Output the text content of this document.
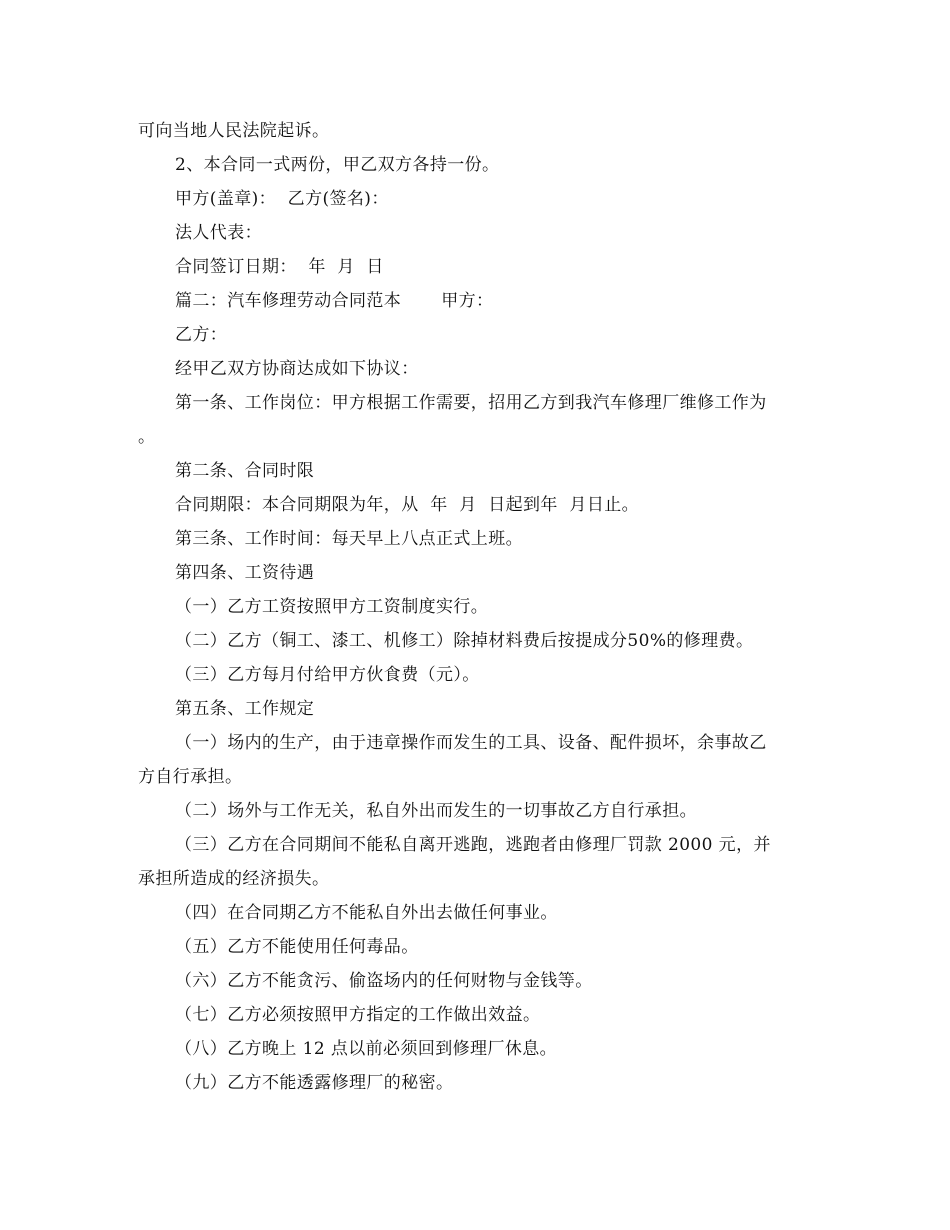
可向当地人民法院起诉。
2、本合同一式两份，甲乙双方各持一份。
甲方(盖章)：  乙方(签名)：
法人代表：
合同签订日期：  年  月  日
篇二：汽车修理劳动合同范本 甲方：
乙方：
经甲乙双方协商达成如下协议：
第一条、工作岗位：甲方根据工作需要，招用乙方到我汽车修理厂维修工作为
。
第二条、合同时限
合同期限：本合同期限为年，从  年  月  日起到年  月日止。
第三条、工作时间：每天早上八点正式上班。
第四条、工资待遇
（一）乙方工资按照甲方工资制度实行。
（二）乙方（铜工、漆工、机修工）除掉材料费后按提成分50%的修理费。
（三）乙方每月付给甲方伙食费（元）。
第五条、工作规定
（一）场内的生产，由于违章操作而发生的工具、设备、配件损坏，余事故乙
方自行承担。
（二）场外与工作无关，私自外出而发生的一切事故乙方自行承担。
（三）乙方在合同期间不能私自离开逃跑，逃跑者由修理厂罚款 2000 元，并
承担所造成的经济损失。
（四）在合同期乙方不能私自外出去做任何事业。
（五）乙方不能使用任何毒品。
（六）乙方不能贪污、偷盗场内的任何财物与金钱等。
（七）乙方必须按照甲方指定的工作做出效益。
（八）乙方晚上 12 点以前必须回到修理厂休息。
（九）乙方不能透露修理厂的秘密。
